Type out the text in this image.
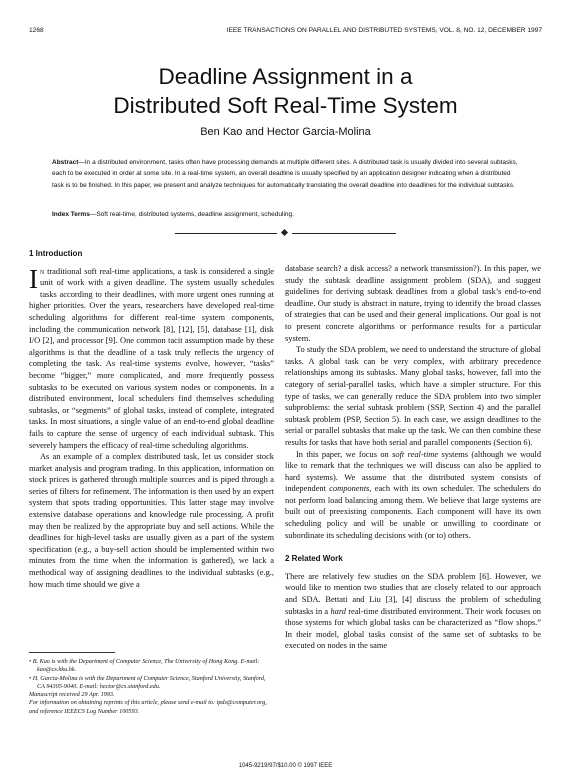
1268	IEEE TRANSACTIONS ON PARALLEL AND DISTRIBUTED SYSTEMS, VOL. 8, NO. 12, DECEMBER 1997
Deadline Assignment in a
Distributed Soft Real-Time System
Ben Kao and Hector Garcia-Molina
Abstract—In a distributed environment, tasks often have processing demands at multiple different sites. A distributed task is usually divided into several subtasks, each to be executed in order at some site. In a real-time system, an overall deadline is usually specified by an application designer indicating when a distributed task is to be finished. In this paper, we present and analyze techniques for automatically translating the overall deadline into deadlines for the individual subtasks.
Index Terms—Soft real-time, distributed systems, deadline assignment, scheduling.
1 Introduction

In traditional soft real-time applications, a task is considered a single unit of work with a given deadline. The system usually schedules tasks according to their deadlines, with more urgent ones running at higher priorities. Over the years, researchers have developed real-time scheduling algorithms for different real-time system components, including the communication network [8], [12], [5], database [1], disk I/O [2], and processor [9]. One common tacit assumption made by these algorithms is that the deadline of a task truly reflects the urgency of completing the task. As real-time systems evolve, however, “tasks” become “bigger,” more complicated, and more frequently possess subtasks to be executed on various system nodes or components. In a distributed environment, local schedulers find themselves scheduling subtasks, or “segments” of global tasks, instead of complete, integrated tasks. In most situations, a single value of an end-to-end global deadline fails to capture the sense of urgency of each individual subtask. This severely hampers the efficacy of real-time scheduling algorithms.

As an example of a complex distributed task, let us consider stock market analysis and program trading. In this application, information on stock prices is gathered through multiple sources and is piped through a series of filters for refinement. The information is then used by an expert system that spots trading opportunities. This latter stage may involve extensive database operations and knowledge rule processing. A profit may then be realized by the appropriate buy and sell actions. While the deadlines for high-level tasks are usually given as a part of the system specification (e.g., a buy-sell action should be implemented within two minutes from the time when the information is gathered), we lack a methodical way of assigning deadlines to the individual subtasks (e.g., how much time should we give a

database search? a disk access? a network transmission?). In this paper, we study the subtask deadline assignment problem (SDA), and suggest guidelines for deriving subtask deadlines from a global task’s end-to-end deadline. Our study is abstract in nature, trying to identify the broad classes of strategies that can be used and their general implications. Our goal is not to present concrete algorithms or performance results for a particular system.

To study the SDA problem, we need to understand the structure of global tasks. A global task can be very complex, with arbitrary precedence relationships among its subtasks. Many global tasks, however, fall into the category of serial-parallel tasks, which have a simpler structure. For this type of tasks, we can generally reduce the SDA problem into two simpler subproblems: the serial subtask problem (SSP, Section 4) and the parallel subtask problem (PSP, Section 5). In each case, we assign deadlines to the serial or parallel subtasks that make up the task. We can then combine these results for tasks that have both serial and parallel components (Section 6).

In this paper, we focus on soft real-time systems (although we would like to remark that the techniques we will discuss can also be applied to hard systems). We assume that the distributed system consists of independent components, each with its own scheduler. The schedulers do not perform load balancing among them. We believe that large systems are built out of preexisting components. Each component will have its own scheduling policy and will be unable or unwilling to coordinate or subordinate its scheduling decisions with (or to) others.

2 Related Work

There are relatively few studies on the SDA problem [6]. However, we would like to mention two studies that are closely related to our approach and SDA. Bettati and Liu [3], [4] discuss the problem of scheduling subtasks in a hard real-time distributed environment. Their work focuses on those systems for which global tasks can be characterized as “flow shops.” In their model, global tasks consist of the same set of subtasks to be executed on nodes in the same

• B. Kao is with the Department of Computer Science, The University of Hong Kong. E-mail: kao@cs.hku.hk.
• H. Garcia-Molina is with the Department of Computer Science, Stanford University, Stanford, CA 94305-9040. E-mail: hector@cs.stanford.edu.
Manuscript received 29 Apr. 1993.
For information on obtaining reprints of this article, please send e-mail to: tpds@computer.org, and reference IEEECS Log Number 100593.
1045-9219/97/$10.00 © 1997 IEEE
